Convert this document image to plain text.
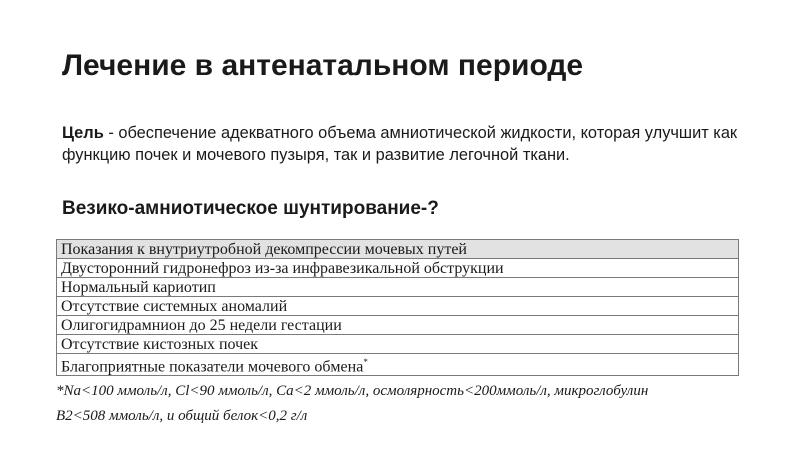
Лечение в антенатальном периоде

Цель - обеспечение адекватного объема амниотической жидкости, которая улучшит как функцию почек и мочевого пузыря, так и развитие легочной ткани.

Везико-амниотическое шунтирование-?
Показания к внутриутробной декомпрессии мочевых путей
Двусторонний гидронефроз из-за инфравезикальной обструкции
Нормальный кариотип
Отсутствие системных аномалий
Олигогидрамнион до 25 недели гестации
Отсутствие кистозных почек
Благоприятные показатели мочевого обмена*

*Na<100 ммоль/л, Cl<90 ммоль/л, Ca<2 ммоль/л, осмолярность<200ммоль/л, микроглобулин
B2<508 ммоль/л, и общий белок<0,2 г/л
